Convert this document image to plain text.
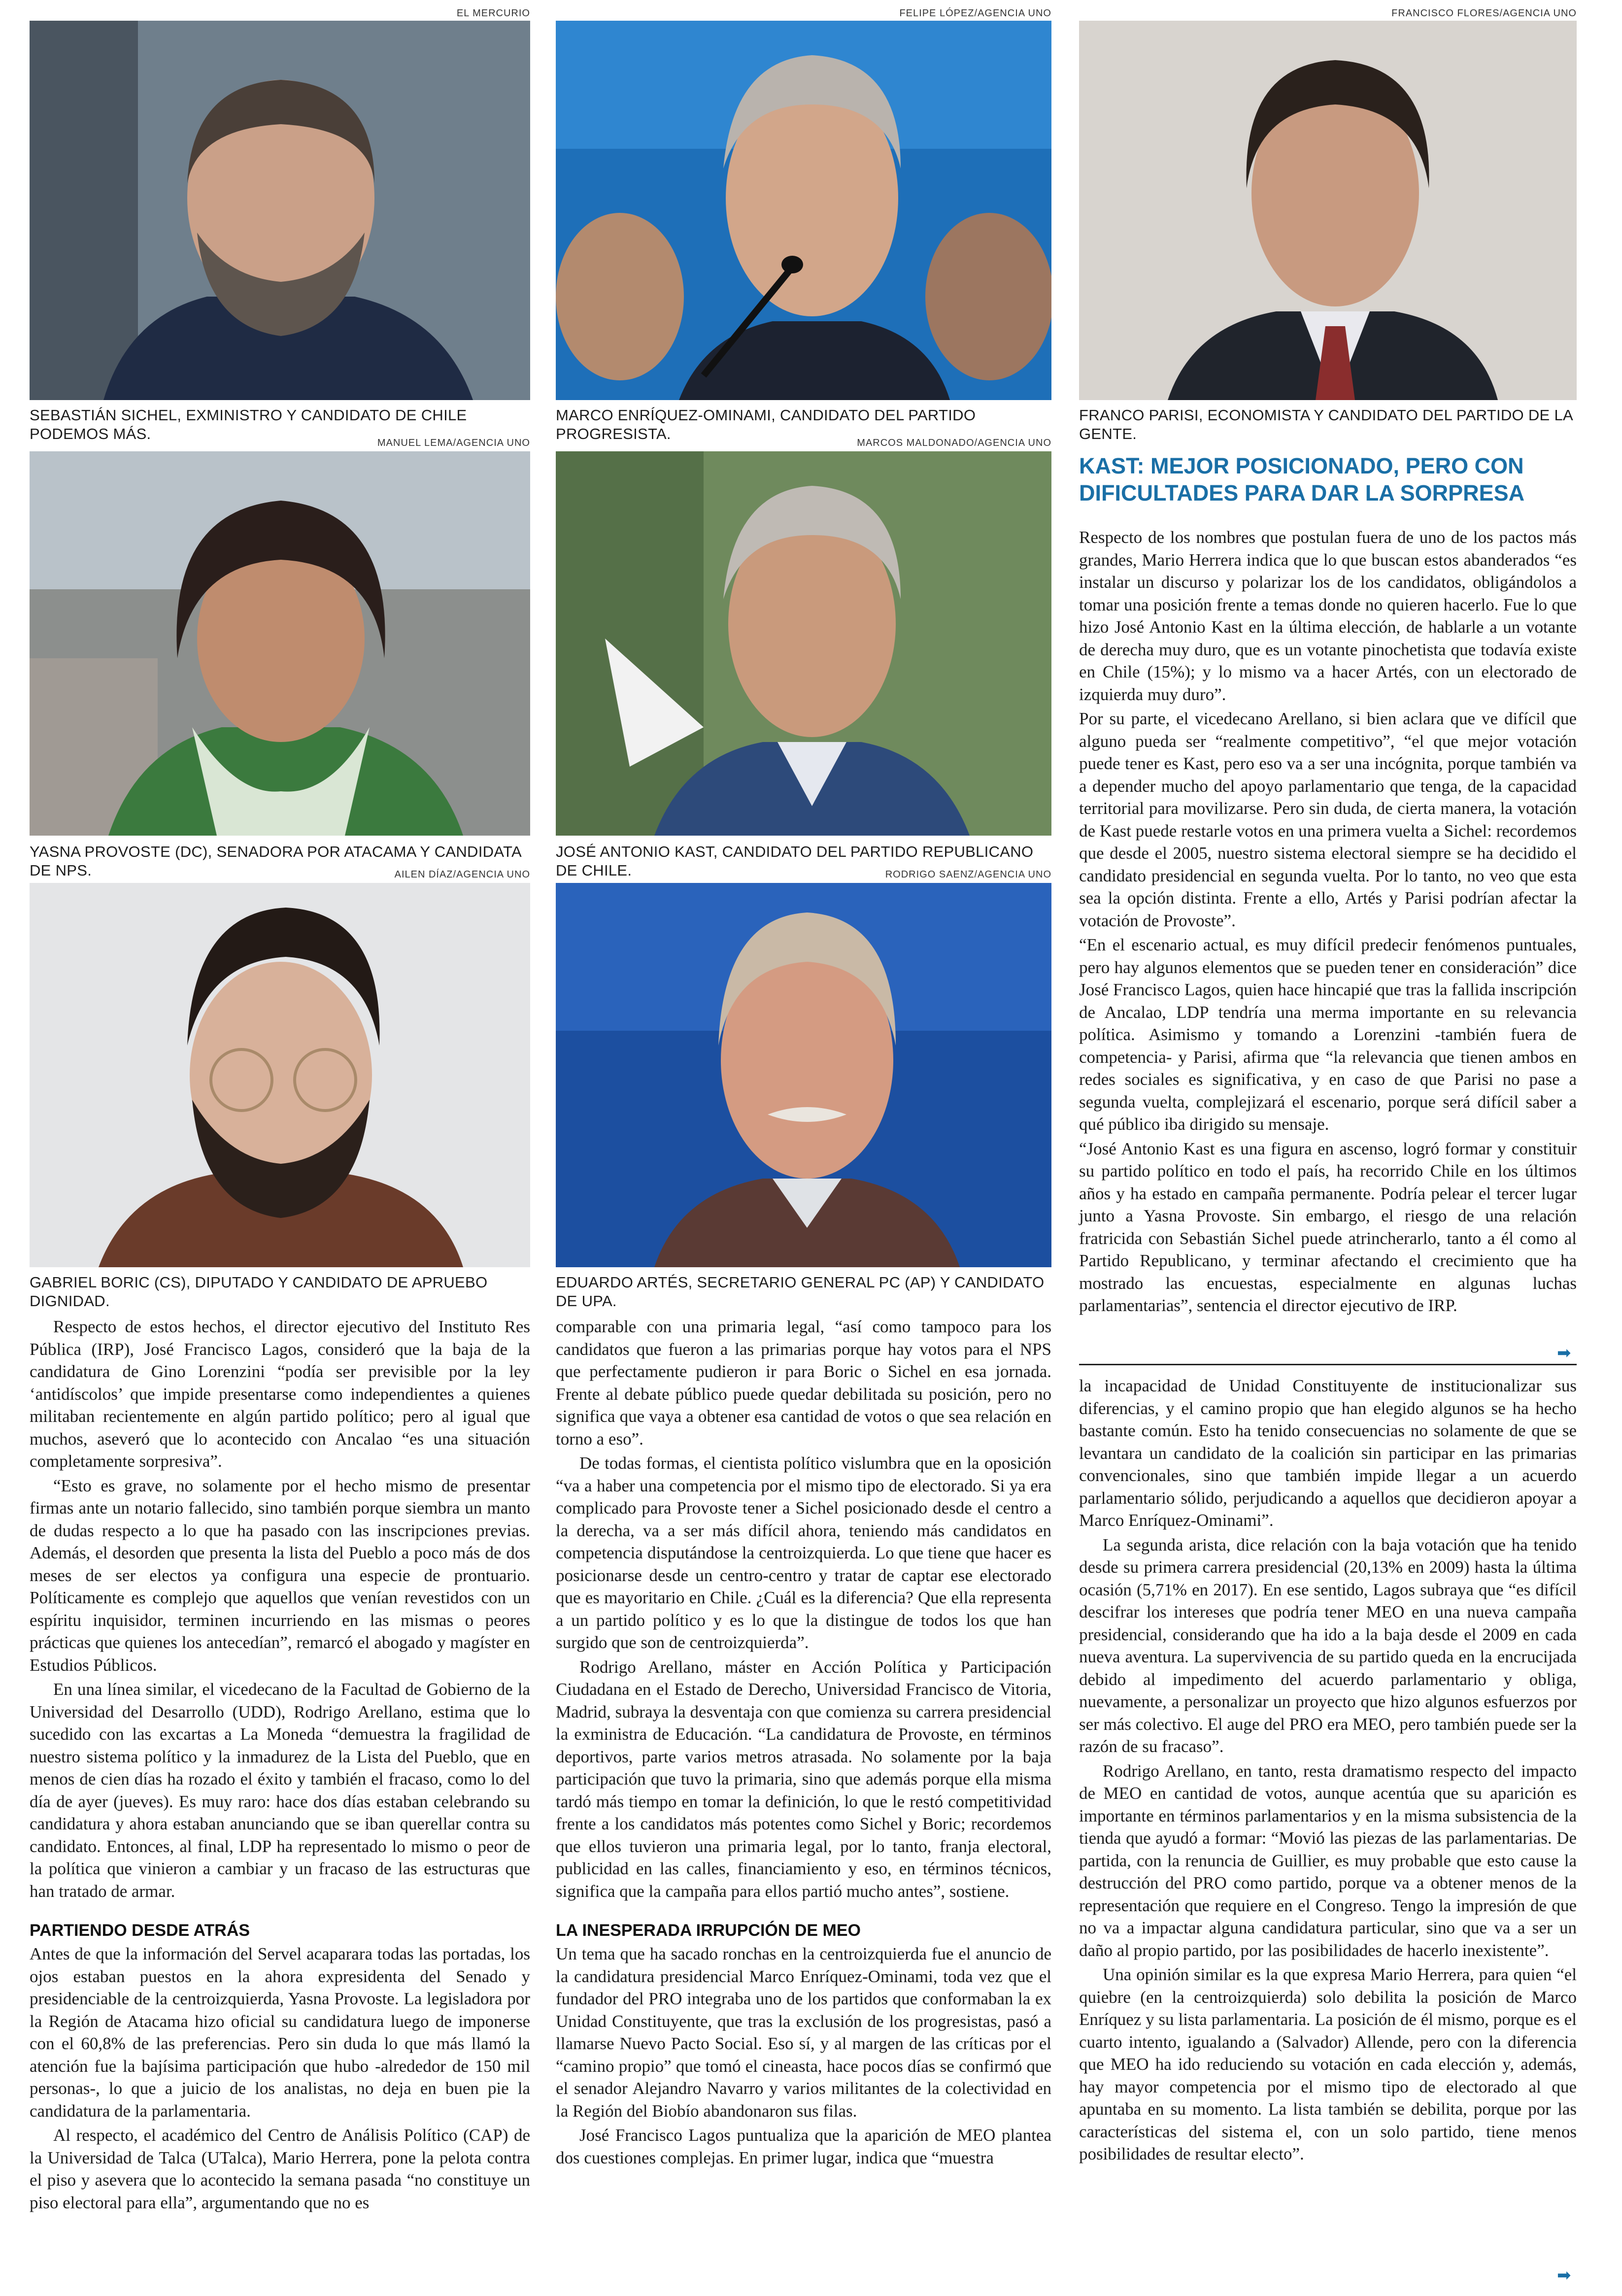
EL MERCURIO
SEBASTIÁN SICHEL, EXMINISTRO Y CANDIDATO DE CHILE PODEMOS MÁS.
FELIPE LÓPEZ/AGENCIA UNO
MARCO ENRÍQUEZ-OMINAMI, CANDIDATO DEL PARTIDO PROGRESISTA.
FRANCISCO FLORES/AGENCIA UNO
FRANCO PARISI, ECONOMISTA Y CANDIDATO DEL PARTIDO DE LA GENTE.
MANUEL LEMA/AGENCIA UNO
YASNA PROVOSTE (DC), SENADORA POR ATACAMA Y CANDIDATA DE NPS.
MARCOS MALDONADO/AGENCIA UNO
JOSÉ ANTONIO KAST, CANDIDATO DEL PARTIDO REPUBLICANO DE CHILE.
AILEN DÍAZ/AGENCIA UNO
GABRIEL BORIC (CS), DIPUTADO Y CANDIDATO DE APRUEBO DIGNIDAD.
RODRIGO SAENZ/AGENCIA UNO
EDUARDO ARTÉS, SECRETARIO GENERAL PC (AP) Y CANDIDATO DE UPA.
KAST: MEJOR POSICIONADO, PERO CON DIFICULTADES PARA DAR LA SORPRESA

Respecto de los nombres que postulan fuera de uno de los pactos más grandes, Mario Herrera indica que lo que buscan estos abanderados “es instalar un discurso y polarizar los de los candidatos, obligándolos a tomar una posición frente a temas donde no quieren hacerlo. Fue lo que hizo José Antonio Kast en la última elección, de hablarle a un votante de derecha muy duro, que es un votante pinochetista que todavía existe en Chile (15%); y lo mismo va a hacer Artés, con un electorado de izquierda muy duro”.

Por su parte, el vicedecano Arellano, si bien aclara que ve difícil que alguno pueda ser “realmente competitivo”, “el que mejor votación puede tener es Kast, pero eso va a ser una incógnita, porque también va a depender mucho del apoyo parlamentario que tenga, de la capacidad territorial para movilizarse. Pero sin duda, de cierta manera, la votación de Kast puede restarle votos en una primera vuelta a Sichel: recordemos que desde el 2005, nuestro sistema electoral siempre se ha decidido el candidato presidencial en segunda vuelta. Por lo tanto, no veo que esta sea la opción distinta. Frente a ello, Artés y Parisi podrían afectar la votación de Provoste”.

“En el escenario actual, es muy difícil predecir fenómenos puntuales, pero hay algunos elementos que se pueden tener en consideración” dice José Francisco Lagos, quien hace hincapié que tras la fallida inscripción de Ancalao, LDP tendría una merma importante en su relevancia política. Asimismo y tomando a Lorenzini -también fuera de competencia- y Parisi, afirma que “la relevancia que tienen ambos en redes sociales es significativa, y en caso de que Parisi no pase a segunda vuelta, complejizará el escenario, porque será difícil saber a qué público iba dirigido su mensaje.

“José Antonio Kast es una figura en ascenso, logró formar y constituir su partido político en todo el país, ha recorrido Chile en los últimos años y ha estado en campaña permanente. Podría pelear el tercer lugar junto a Yasna Provoste. Sin embargo, el riesgo de una relación fratricida con Sebastián Sichel puede atrincherarlo, tanto a él como al Partido Republicano, y terminar afectando el crecimiento que ha mostrado las encuestas, especialmente en algunas luchas parlamentarias”, sentencia el director ejecutivo de IRP.

➡

Respecto de estos hechos, el director ejecutivo del Instituto Res Pública (IRP), José Francisco Lagos, consideró que la baja de la candidatura de Gino Lorenzini “podía ser previsible por la ley ‘antidíscolos’ que impide presentarse como independientes a quienes militaban recientemente en algún partido político; pero al igual que muchos, aseveró que lo acontecido con Ancalao “es una situación completamente sorpresiva”.

“Esto es grave, no solamente por el hecho mismo de presentar firmas ante un notario fallecido, sino también porque siembra un manto de dudas respecto a lo que ha pasado con las inscripciones previas. Además, el desorden que presenta la lista del Pueblo a poco más de dos meses de ser electos ya configura una especie de prontuario. Políticamente es complejo que aquellos que venían revestidos con un espíritu inquisidor, terminen incurriendo en las mismas o peores prácticas que quienes los antecedían”, remarcó el abogado y magíster en Estudios Públicos.

En una línea similar, el vicedecano de la Facultad de Gobierno de la Universidad del Desarrollo (UDD), Rodrigo Arellano, estima que lo sucedido con las excartas a La Moneda “demuestra la fragilidad de nuestro sistema político y la inmadurez de la Lista del Pueblo, que en menos de cien días ha rozado el éxito y también el fracaso, como lo del día de ayer (jueves). Es muy raro: hace dos días estaban celebrando su candidatura y ahora estaban anunciando que se iban querellar contra su candidato. Entonces, al final, LDP ha representado lo mismo o peor de la política que vinieron a cambiar y un fracaso de las estructuras que han tratado de armar.

PARTIENDO DESDE ATRÁS

Antes de que la información del Servel acaparara todas las portadas, los ojos estaban puestos en la ahora expresidenta del Senado y presidenciable de la centroizquierda, Yasna Provoste. La legisladora por la Región de Atacama hizo oficial su candidatura luego de imponerse con el 60,8% de las preferencias. Pero sin duda lo que más llamó la atención fue la bajísima participación que hubo -alrededor de 150 mil personas-, lo que a juicio de los analistas, no deja en buen pie la candidatura de la parlamentaria.

Al respecto, el académico del Centro de Análisis Político (CAP) de la Universidad de Talca (UTalca), Mario Herrera, pone la pelota contra el piso y asevera que lo acontecido la semana pasada “no constituye un piso electoral para ella”, argumentando que no es

comparable con una primaria legal, “así como tampoco para los candidatos que fueron a las primarias porque hay votos para el NPS que perfectamente pudieron ir para Boric o Sichel en esa jornada. Frente al debate público puede quedar debilitada su posición, pero no significa que vaya a obtener esa cantidad de votos o que sea relación en torno a eso”.

De todas formas, el cientista político vislumbra que en la oposición “va a haber una competencia por el mismo tipo de electorado. Si ya era complicado para Provoste tener a Sichel posicionado desde el centro a la derecha, va a ser más difícil ahora, teniendo más candidatos en competencia disputándose la centroizquierda. Lo que tiene que hacer es posicionarse desde un centro-centro y tratar de captar ese electorado que es mayoritario en Chile. ¿Cuál es la diferencia? Que ella representa a un partido político y es lo que la distingue de todos los que han surgido que son de centroizquierda”.

Rodrigo Arellano, máster en Acción Política y Participación Ciudadana en el Estado de Derecho, Universidad Francisco de Vitoria, Madrid, subraya la desventaja con que comienza su carrera presidencial la exministra de Educación. “La candidatura de Provoste, en términos deportivos, parte varios metros atrasada. No solamente por la baja participación que tuvo la primaria, sino que además porque ella misma tardó más tiempo en tomar la definición, lo que le restó competitividad frente a los candidatos más potentes como Sichel y Boric; recordemos que ellos tuvieron una primaria legal, por lo tanto, franja electoral, publicidad en las calles, financiamiento y eso, en términos técnicos, significa que la campaña para ellos partió mucho antes”, sostiene.

LA INESPERADA IRRUPCIÓN DE MEO

Un tema que ha sacado ronchas en la centroizquierda fue el anuncio de la candidatura presidencial Marco Enríquez-Ominami, toda vez que el fundador del PRO integraba uno de los partidos que conformaban la ex Unidad Constituyente, que tras la exclusión de los progresistas, pasó a llamarse Nuevo Pacto Social. Eso sí, y al margen de las críticas por el “camino propio” que tomó el cineasta, hace pocos días se confirmó que el senador Alejandro Navarro y varios militantes de la colectividad en la Región del Biobío abandonaron sus filas.

José Francisco Lagos puntualiza que la aparición de MEO plantea dos cuestiones complejas. En primer lugar, indica que “muestra

la incapacidad de Unidad Constituyente de institucionalizar sus diferencias, y el camino propio que han elegido algunos se ha hecho bastante común. Esto ha tenido consecuencias no solamente de que se levantara un candidato de la coalición sin participar en las primarias convencionales, sino que también impide llegar a un acuerdo parlamentario sólido, perjudicando a aquellos que decidieron apoyar a Marco Enríquez-Ominami”.

La segunda arista, dice relación con la baja votación que ha tenido desde su primera carrera presidencial (20,13% en 2009) hasta la última ocasión (5,71% en 2017). En ese sentido, Lagos subraya que “es difícil descifrar los intereses que podría tener MEO en una nueva campaña presidencial, considerando que ha ido a la baja desde el 2009 en cada nueva aventura. La supervivencia de su partido queda en la encrucijada debido al impedimento del acuerdo parlamentario y obliga, nuevamente, a personalizar un proyecto que hizo algunos esfuerzos por ser más colectivo. El auge del PRO era MEO, pero también puede ser la razón de su fracaso”.

Rodrigo Arellano, en tanto, resta dramatismo respecto del impacto de MEO en cantidad de votos, aunque acentúa que su aparición es importante en términos parlamentarios y en la misma subsistencia de la tienda que ayudó a formar: “Movió las piezas de las parlamentarias. De partida, con la renuncia de Guillier, es muy probable que esto cause la destrucción del PRO como partido, porque va a obtener menos de la representación que requiere en el Congreso. Tengo la impresión de que no va a impactar alguna candidatura particular, sino que va a ser un daño al propio partido, por las posibilidades de hacerlo inexistente”.

Una opinión similar es la que expresa Mario Herrera, para quien “el quiebre (en la centroizquierda) solo debilita la posición de Marco Enríquez y su lista parlamentaria. La posición de él mismo, porque es el cuarto intento, igualando a (Salvador) Allende, pero con la diferencia que MEO ha ido reduciendo su votación en cada elección y, además, hay mayor competencia por el mismo tipo de electorado al que apuntaba en su momento. La lista también se debilita, porque por las características del sistema el, con un solo partido, tiene menos posibilidades de resultar electo”.

➡
